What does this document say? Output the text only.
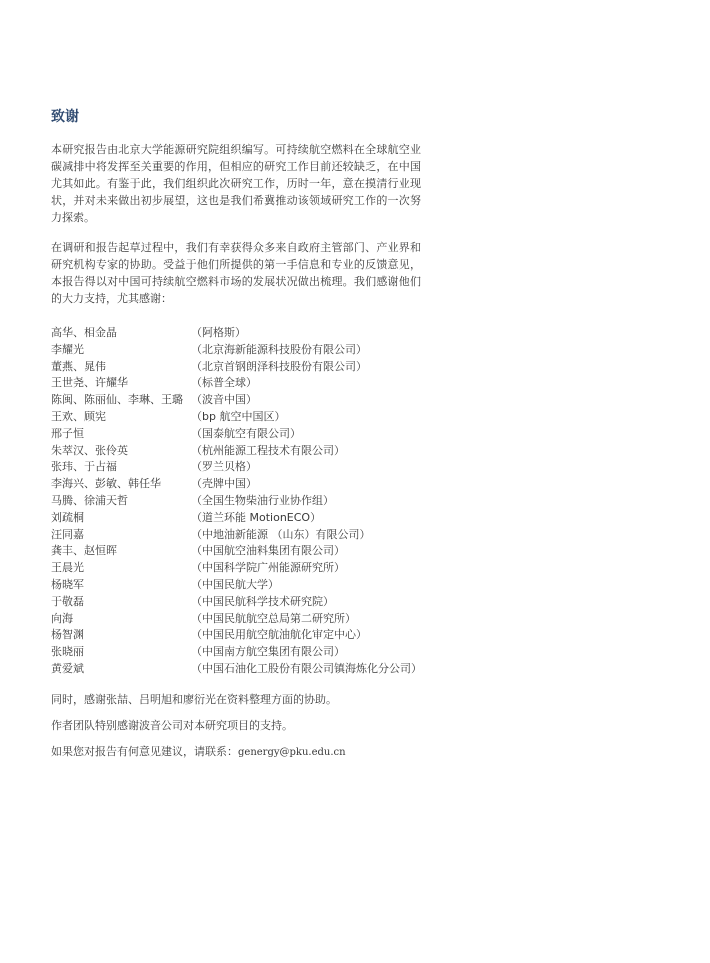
致谢

本研究报告由北京大学能源研究院组织编写。可持续航空燃料在全球航空业碳减排中将发挥至关重要的作用，但相应的研究工作目前还较缺乏，在中国尤其如此。有鉴于此，我们组织此次研究工作，历时一年，意在摸清行业现状，并对未来做出初步展望，这也是我们希冀推动该领域研究工作的一次努力探索。

在调研和报告起草过程中，我们有幸获得众多来自政府主管部门、产业界和研究机构专家的协助。受益于他们所提供的第一手信息和专业的反馈意见，本报告得以对中国可持续航空燃料市场的发展状况做出梳理。我们感谢他们的大力支持，尤其感谢：

高华、相金晶	（阿格斯）
李耀光	（北京海新能源科技股份有限公司）
董燕、晁伟	（北京首钢朗泽科技股份有限公司）
王世尧、许耀华	（标普全球）
陈闽、陈丽仙、李琳、王璐 （波音中国）
王欢、顾宪	（bp 航空中国区）
邢子恒	（国泰航空有限公司）
朱萃汉、张伶英	（杭州能源工程技术有限公司）
张玮、于占福	（罗兰贝格）
李海兴、彭敏、韩任华	（壳牌中国）
马腾、徐浦天哲	（全国生物柴油行业协作组）
刘疏桐	（道兰环能 MotionECO）
汪同嘉	（中地油新能源 （山东）有限公司）
龚丰、赵恒晖	（中国航空油料集团有限公司）
王晨光	（中国科学院广州能源研究所）
杨晓军	（中国民航大学）
于敬磊	（中国民航科学技术研究院）
向海	（中国民航航空总局第二研究所）
杨智渊	（中国民用航空航油航化审定中心）
张晓丽	（中国南方航空集团有限公司）
黄爱斌	（中国石油化工股份有限公司镇海炼化分公司）

同时，感谢张喆、吕明旭和廖衍光在资料整理方面的协助。

作者团队特别感谢波音公司对本研究项目的支持。

如果您对报告有何意见建议，请联系：genergy@pku.edu.cn
